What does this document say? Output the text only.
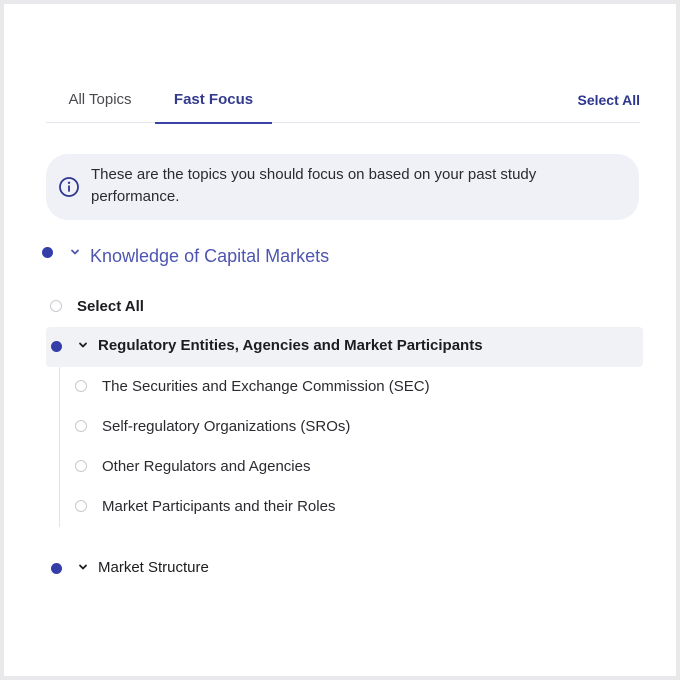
All Topics	Fast Focus	Select All
These are the topics you should focus on based on your past study performance.
Knowledge of Capital Markets
Select All
Regulatory Entities, Agencies and Market Participants
The Securities and Exchange Commission (SEC)
Self-regulatory Organizations (SROs)
Other Regulators and Agencies
Market Participants and their Roles
Market Structure
